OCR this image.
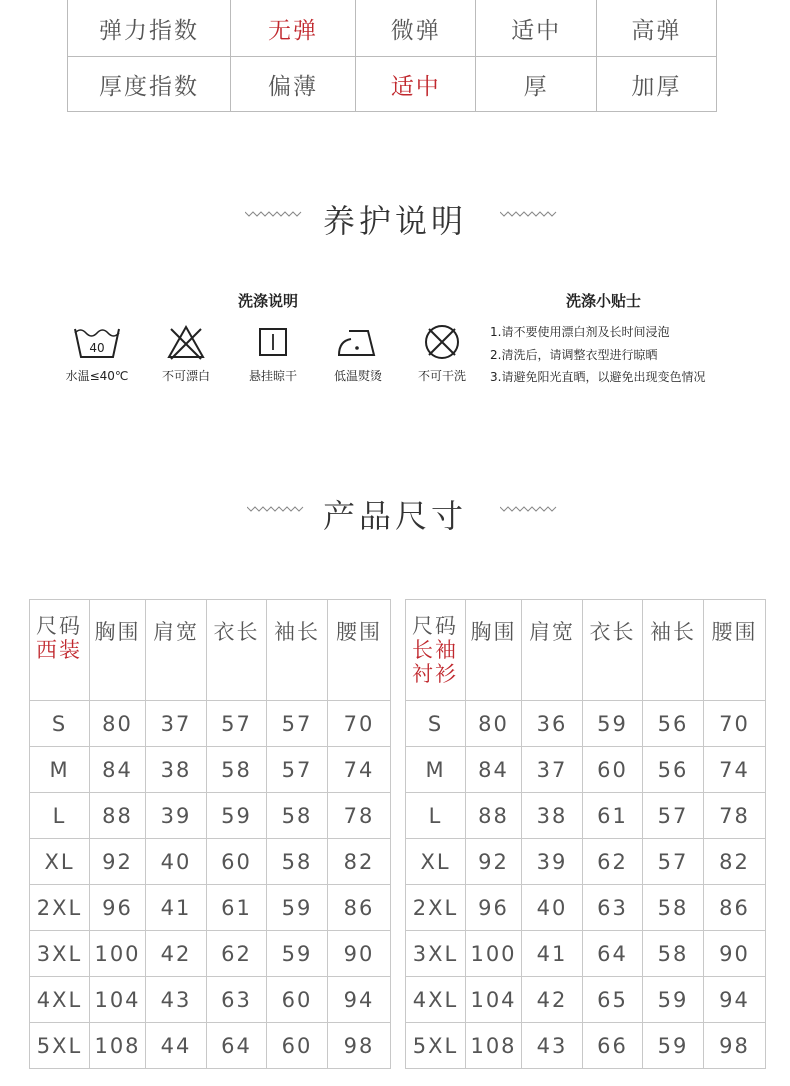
弹力指数	无弹	微弹	适中	高弹
厚度指数	偏薄	适中	厚	加厚
养护说明
洗涤说明	洗涤小贴士
40
水温≤40℃	不可漂白	悬挂晾干	低温熨烫	不可干洗
1.请不要使用漂白剂及长时间浸泡
2.清洗后，请调整衣型进行晾晒
3.请避免阳光直晒，以避免出现变色情况
产品尺寸
尺码
西装	胸围	肩宽	衣长	袖长	腰围
S	80	37	57	57	70
M	84	38	58	57	74
L	88	39	59	58	78
XL	92	40	60	58	82
2XL	96	41	61	59	86
3XL	100	42	62	59	90
4XL	104	43	63	60	94
5XL	108	44	64	60	98
尺码
长袖
衬衫	胸围	肩宽	衣长	袖长	腰围
S	80	36	59	56	70
M	84	37	60	56	74
L	88	38	61	57	78
XL	92	39	62	57	82
2XL	96	40	63	58	86
3XL	100	41	64	58	90
4XL	104	42	65	59	94
5XL	108	43	66	59	98
